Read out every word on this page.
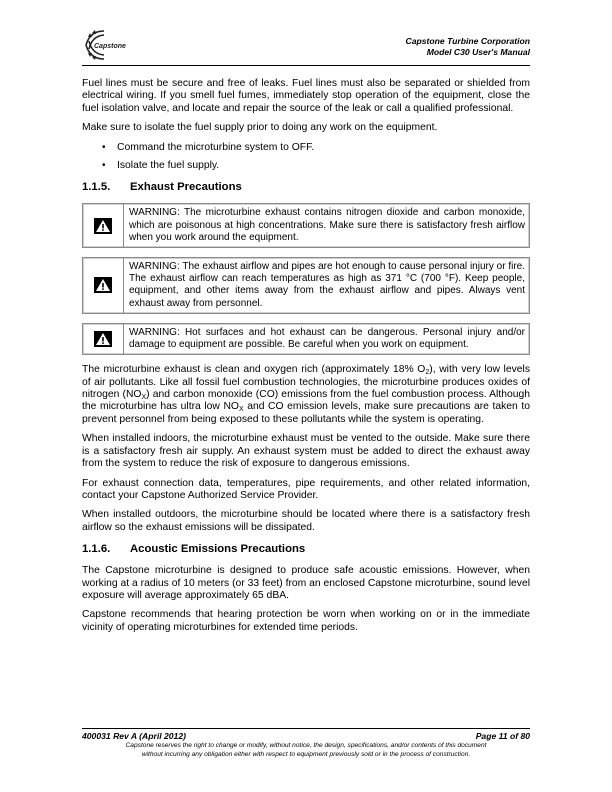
Capstone
Capstone Turbine Corporation
Model C30 User's Manual

Fuel lines must be secure and free of leaks. Fuel lines must also be separated or shielded from electrical wiring. If you smell fuel fumes, immediately stop operation of the equipment, close the fuel isolation valve, and locate and repair the source of the leak or call a qualified professional.

Make sure to isolate the fuel supply prior to doing any work on the equipment.

• Command the microturbine system to OFF.
• Isolate the fuel supply.
1.1.5.	Exhaust Precautions
WARNING: The microturbine exhaust contains nitrogen dioxide and carbon monoxide, which are poisonous at high concentrations. Make sure there is satisfactory fresh airflow when you work around the equipment.
WARNING: The exhaust airflow and pipes are hot enough to cause personal injury or fire. The exhaust airflow can reach temperatures as high as 371 °C (700 °F). Keep people, equipment, and other items away from the exhaust airflow and pipes. Always vent exhaust away from personnel.
WARNING: Hot surfaces and hot exhaust can be dangerous. Personal injury and/or damage to equipment are possible. Be careful when you work on equipment.

The microturbine exhaust is clean and oxygen rich (approximately 18% $O_2$), with very low levels of air pollutants. Like all fossil fuel combustion technologies, the microturbine produces oxides of nitrogen $(NO_X)$ and carbon monoxide (CO) emissions from the fuel combustion process. Although the microturbine has ultra low $NO_X$ and CO emission levels, make sure precautions are taken to prevent personnel from being exposed to these pollutants while the system is operating.

When installed indoors, the microturbine exhaust must be vented to the outside. Make sure there is a satisfactory fresh air supply. An exhaust system must be added to direct the exhaust away from the system to reduce the risk of exposure to dangerous emissions.

For exhaust connection data, temperatures, pipe requirements, and other related information, contact your Capstone Authorized Service Provider.

When installed outdoors, the microturbine should be located where there is a satisfactory fresh airflow so the exhaust emissions will be dissipated.

1.1.6.	Acoustic Emissions Precautions

The Capstone microturbine is designed to produce safe acoustic emissions. However, when working at a radius of 10 meters (or 33 feet) from an enclosed Capstone microturbine, sound level exposure will average approximately 65 dBA.

Capstone recommends that hearing protection be worn when working on or in the immediate vicinity of operating microturbines for extended time periods.

400031 Rev A (April 2012)	Page 11 of 80
Capstone reserves the right to change or modify, without notice, the design, specifications, and/or contents of this document
without incurring any obligation either with respect to equipment previously sold or in the process of construction.
